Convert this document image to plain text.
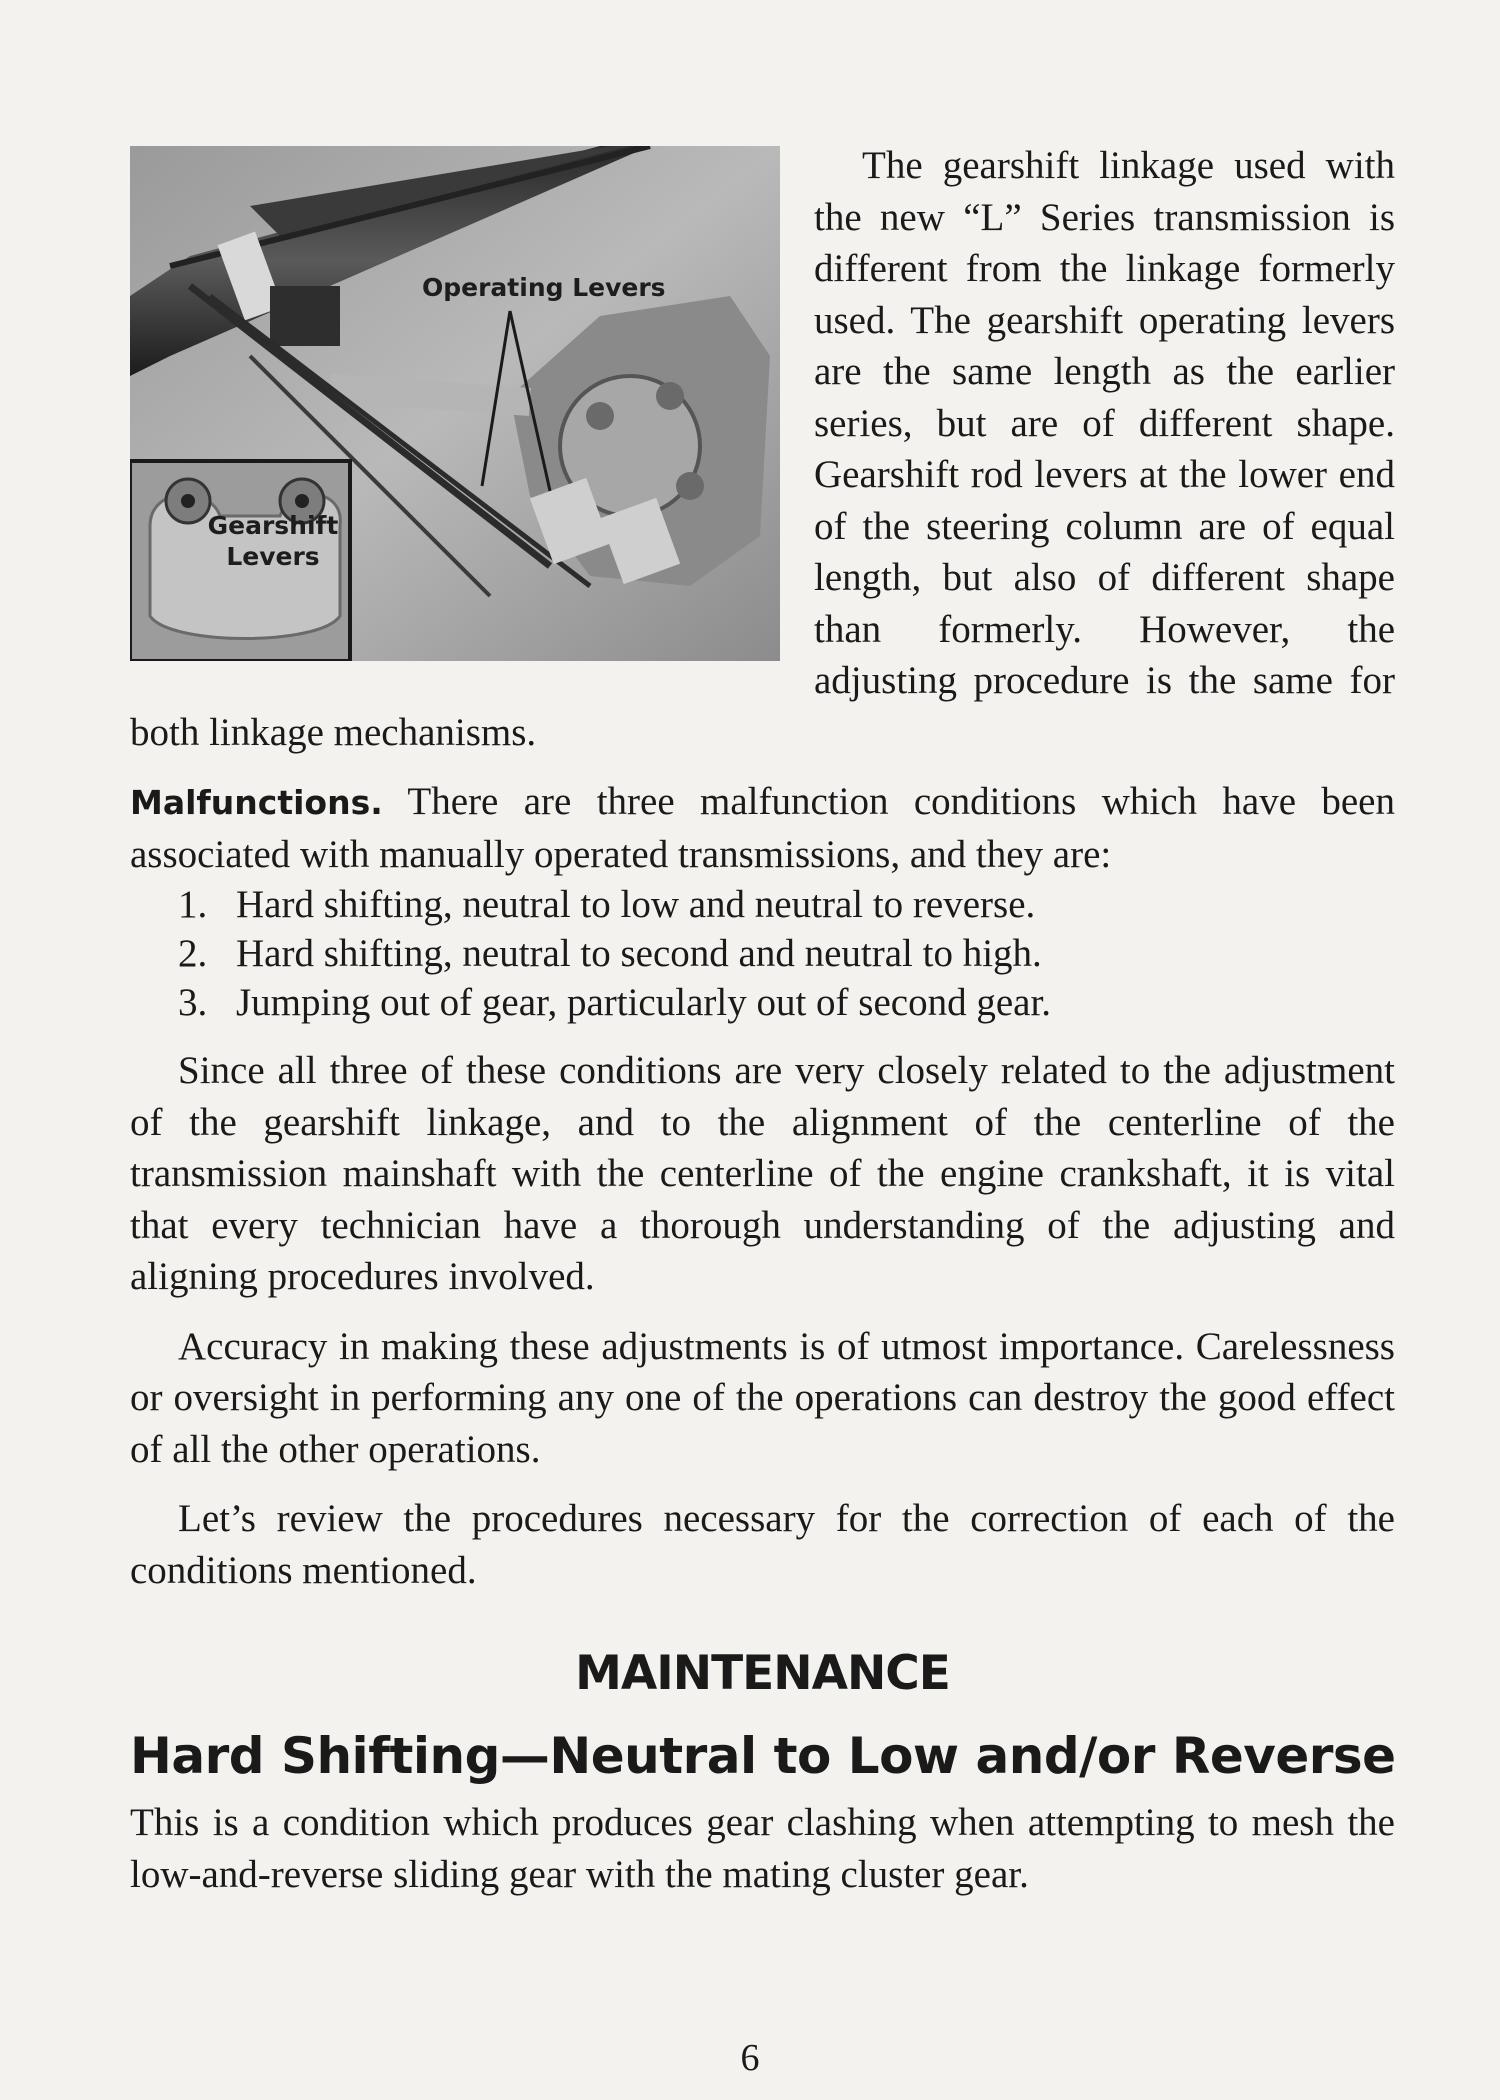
Operating Levers
Gearshift
Levers

The gearshift linkage used with the new “L” Series transmission is different from the linkage formerly used. The gearshift operating levers are the same length as the earlier series, but are of different shape. Gearshift rod levers at the lower end of the steering column are of equal length, but also of different shape than formerly. However, the adjusting procedure is the same for both linkage mechanisms.

Malfunctions. There are three malfunction conditions which have been associated with manually operated transmissions, and they are:

1. Hard shifting, neutral to low and neutral to reverse.
2. Hard shifting, neutral to second and neutral to high.
3. Jumping out of gear, particularly out of second gear.

Since all three of these conditions are very closely related to the adjustment of the gearshift linkage, and to the alignment of the centerline of the transmission mainshaft with the centerline of the engine crankshaft, it is vital that every technician have a thorough understanding of the adjusting and aligning procedures involved.

Accuracy in making these adjustments is of utmost importance. Carelessness or oversight in performing any one of the operations can destroy the good effect of all the other operations.

Let’s review the procedures necessary for the correction of each of the conditions mentioned.

MAINTENANCE
Hard Shifting—Neutral to Low and/or Reverse

This is a condition which produces gear clashing when attempting to mesh the low-and-reverse sliding gear with the mating cluster gear.

6
